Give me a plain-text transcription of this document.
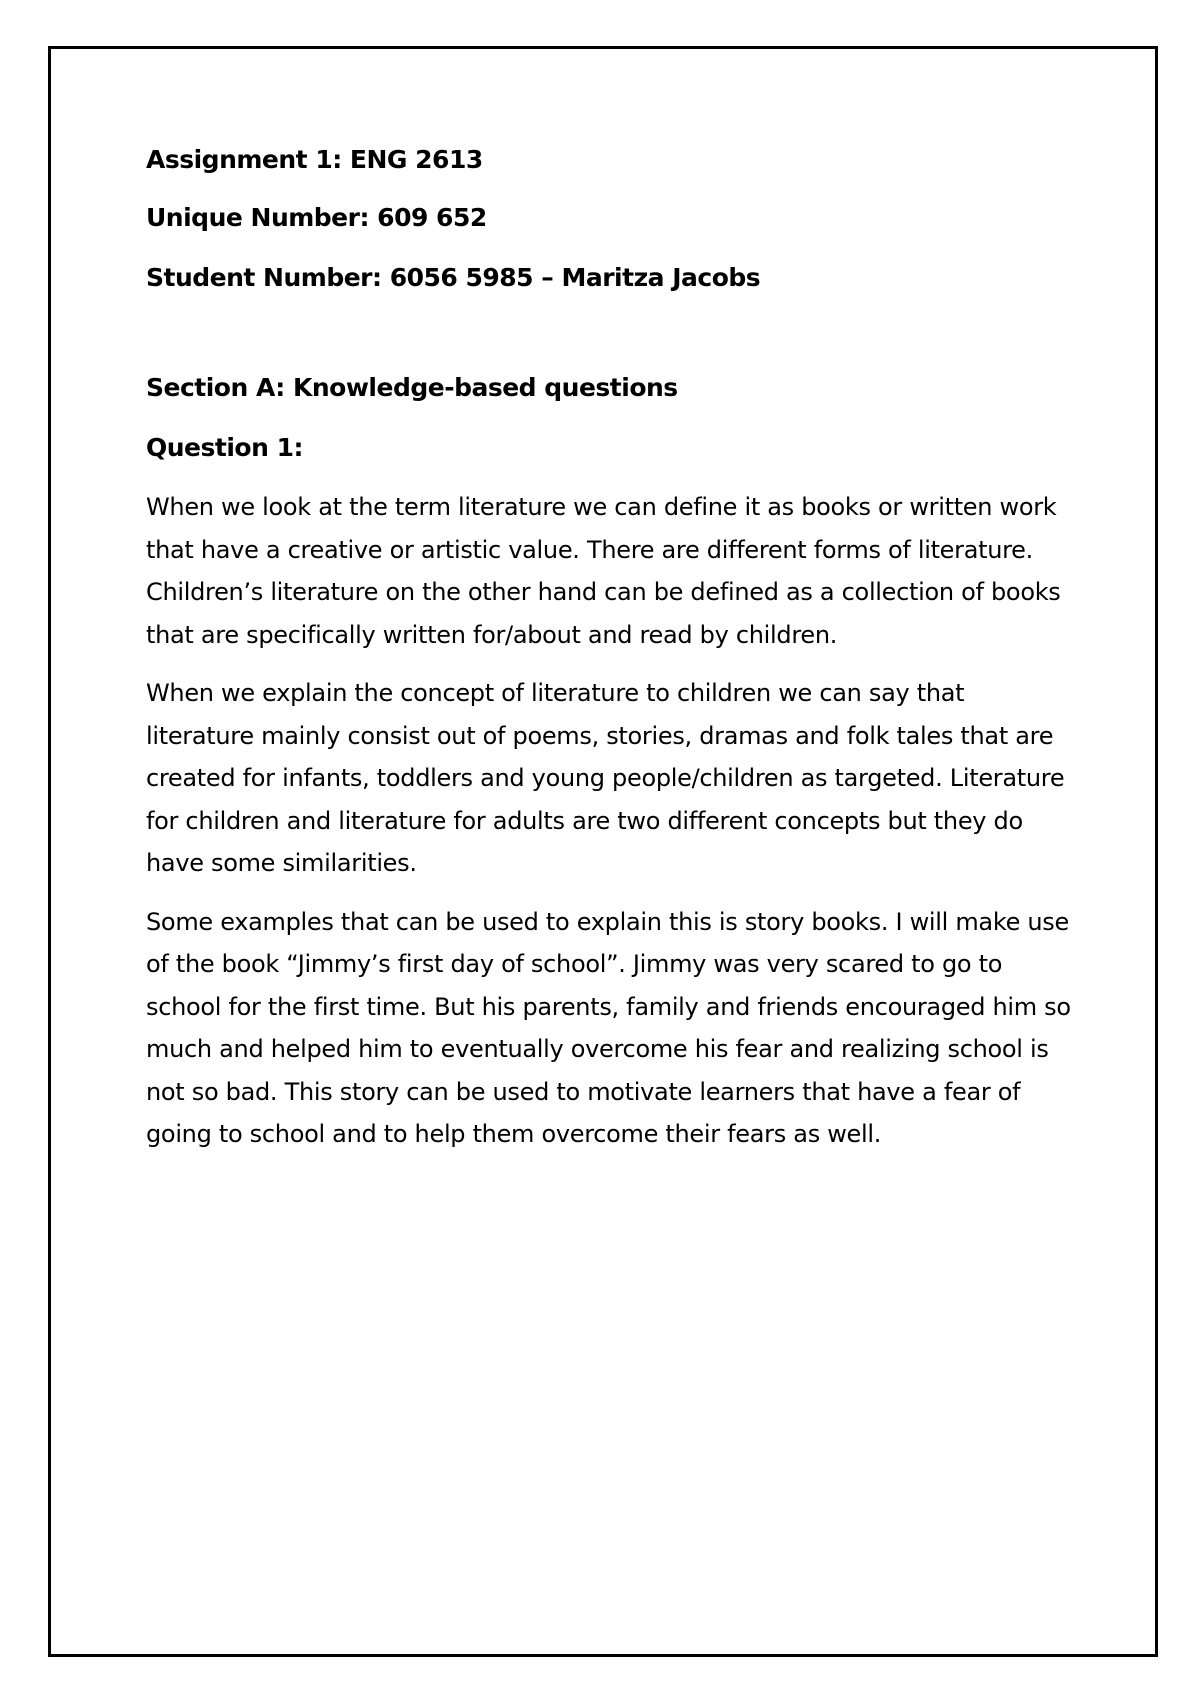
Assignment 1: ENG 2613

Unique Number: 609 652

Student Number: 6056 5985 – Maritza Jacobs

Section A: Knowledge-based questions

Question 1:

When we look at the term literature we can define it as books or written work that have a creative or artistic value. There are different forms of literature. Children’s literature on the other hand can be defined as a collection of books that are specifically written for/about and read by children.

When we explain the concept of literature to children we can say that literature mainly consist out of poems, stories, dramas and folk tales that are created for infants, toddlers and young people/children as targeted. Literature for children and literature for adults are two different concepts but they do have some similarities.

Some examples that can be used to explain this is story books. I will make use of the book “Jimmy’s first day of school”. Jimmy was very scared to go to school for the first time. But his parents, family and friends encouraged him so much and helped him to eventually overcome his fear and realizing school is not so bad. This story can be used to motivate learners that have a fear of going to school and to help them overcome their fears as well.
